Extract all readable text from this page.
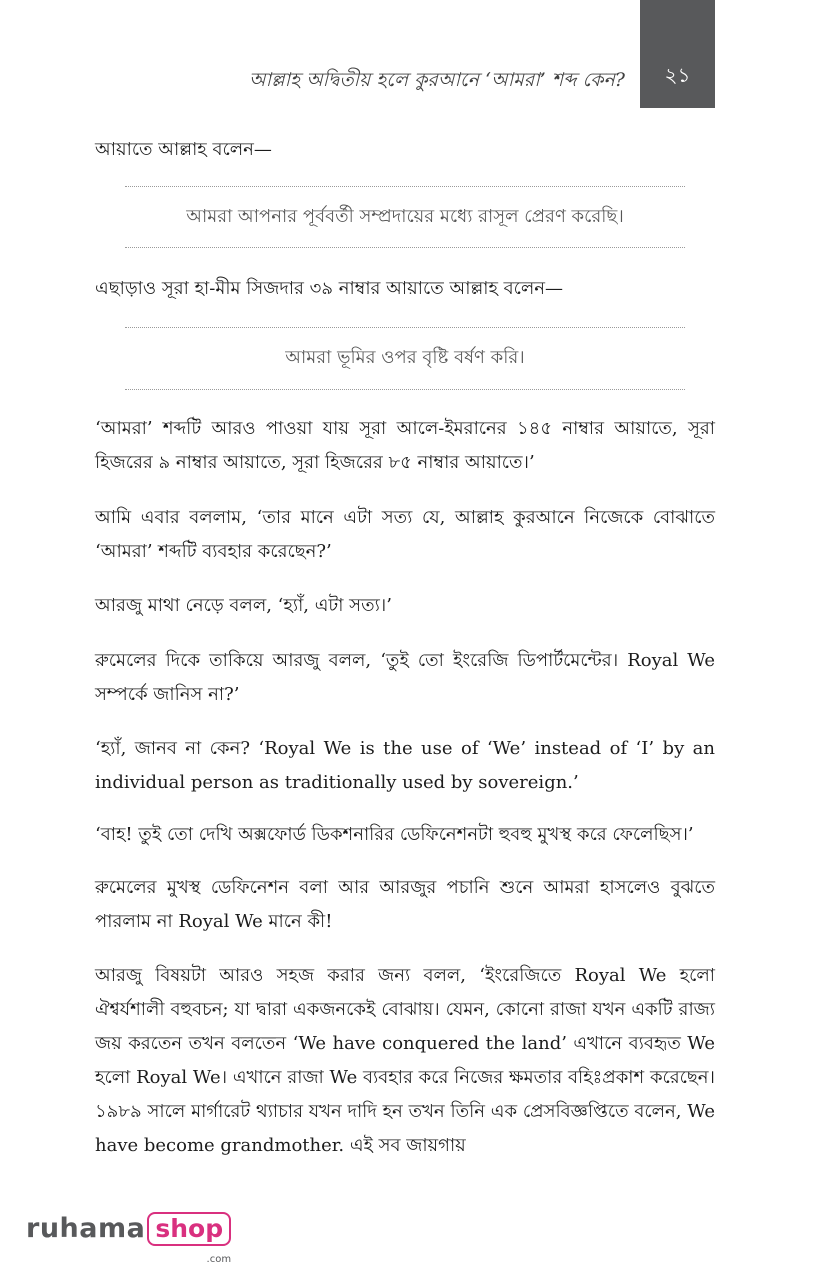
২১
আল্লাহ অদ্বিতীয় হলে কুরআনে ‘আমরা’ শব্দ কেন?

আয়াতে আল্লাহ বলেন—

আমরা আপনার পূর্ববর্তী সম্প্রদায়ের মধ্যে রাসূল প্রেরণ করেছি।

এছাড়াও সূরা হা-মীম সিজদার ৩৯ নাম্বার আয়াতে আল্লাহ বলেন—

আমরা ভূমির ওপর বৃষ্টি বর্ষণ করি।

‘আমরা’ শব্দটি আরও পাওয়া যায় সূরা আলে-ইমরানের ১৪৫ নাম্বার আয়াতে, সূরা হিজরের ৯ নাম্বার আয়াতে, সূরা হিজরের ৮৫ নাম্বার আয়াতে।’

আমি এবার বললাম, ‘তার মানে এটা সত্য যে, আল্লাহ কুরআনে নিজেকে বোঝাতে ‘আমরা’ শব্দটি ব্যবহার করেছেন?’

আরজু মাথা নেড়ে বলল, ‘হ্যাঁ, এটা সত্য।’

রুমেলের দিকে তাকিয়ে আরজু বলল, ‘তুই তো ইংরেজি ডিপার্টমেন্টের। Royal We সম্পর্কে জানিস না?’

‘হ্যাঁ, জানব না কেন? ‘Royal We is the use of ‘We’ instead of ‘I’ by an individual person as traditionally used by sovereign.’

‘বাহ! তুই তো দেখি অক্সফোর্ড ডিকশনারির ডেফিনেশনটা হুবহু মুখস্থ করে ফেলেছিস।’

রুমেলের মুখস্থ ডেফিনেশন বলা আর আরজুর পচানি শুনে আমরা হাসলেও বুঝতে পারলাম না Royal We মানে কী!

আরজু বিষয়টা আরও সহজ করার জন্য বলল, ‘ইংরেজিতে Royal We হলো ঐশ্বর্যশালী বহুবচন; যা দ্বারা একজনকেই বোঝায়। যেমন, কোনো রাজা যখন একটি রাজ্য জয় করতেন তখন বলতেন ‘We have conquered the land’ এখানে ব্যবহৃত We হলো Royal We। এখানে রাজা We ব্যবহার করে নিজের ক্ষমতার বহিঃপ্রকাশ করেছেন। ১৯৮৯ সালে মার্গারেট থ্যাচার যখন দাদি হন তখন তিনি এক প্রেসবিজ্ঞপ্তিতে বলেন, We have become grandmother. এই সব জায়গায়

ruhama shop
.com
